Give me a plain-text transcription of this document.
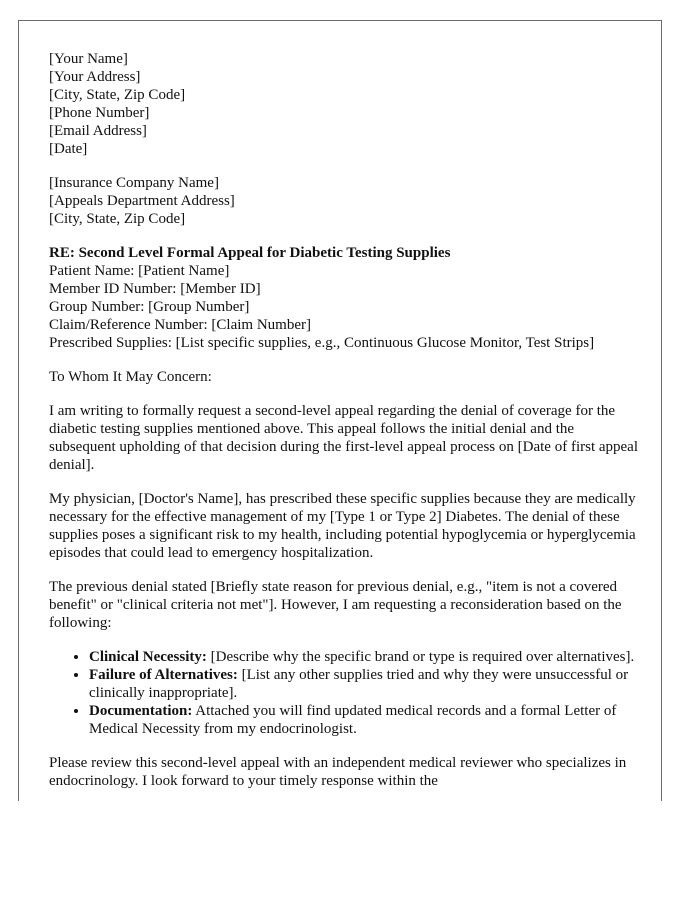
[Your Name]
[Your Address]
[City, State, Zip Code]
[Phone Number]
[Email Address]
[Date]
[Insurance Company Name]
[Appeals Department Address]
[City, State, Zip Code]
RE: Second Level Formal Appeal for Diabetic Testing Supplies
Patient Name: [Patient Name]
Member ID Number: [Member ID]
Group Number: [Group Number]
Claim/Reference Number: [Claim Number]
Prescribed Supplies: [List specific supplies, e.g., Continuous Glucose Monitor, Test Strips]

To Whom It May Concern:

I am writing to formally request a second-level appeal regarding the denial of coverage for the diabetic testing supplies mentioned above. This appeal follows the initial denial and the subsequent upholding of that decision during the first-level appeal process on [Date of first appeal denial].

My physician, [Doctor's Name], has prescribed these specific supplies because they are medically necessary for the effective management of my [Type 1 or Type 2] Diabetes. The denial of these supplies poses a significant risk to my health, including potential hypoglycemia or hyperglycemia episodes that could lead to emergency hospitalization.

The previous denial stated [Briefly state reason for previous denial, e.g., "item is not a covered benefit" or "clinical criteria not met"]. However, I am requesting a reconsideration based on the following:

• Clinical Necessity: [Describe why the specific brand or type is required over alternatives].
• Failure of Alternatives: [List any other supplies tried and why they were unsuccessful or clinically inappropriate].
• Documentation: Attached you will find updated medical records and a formal Letter of Medical Necessity from my endocrinologist.

Please review this second-level appeal with an independent medical reviewer who specializes in endocrinology. I look forward to your timely response within the
